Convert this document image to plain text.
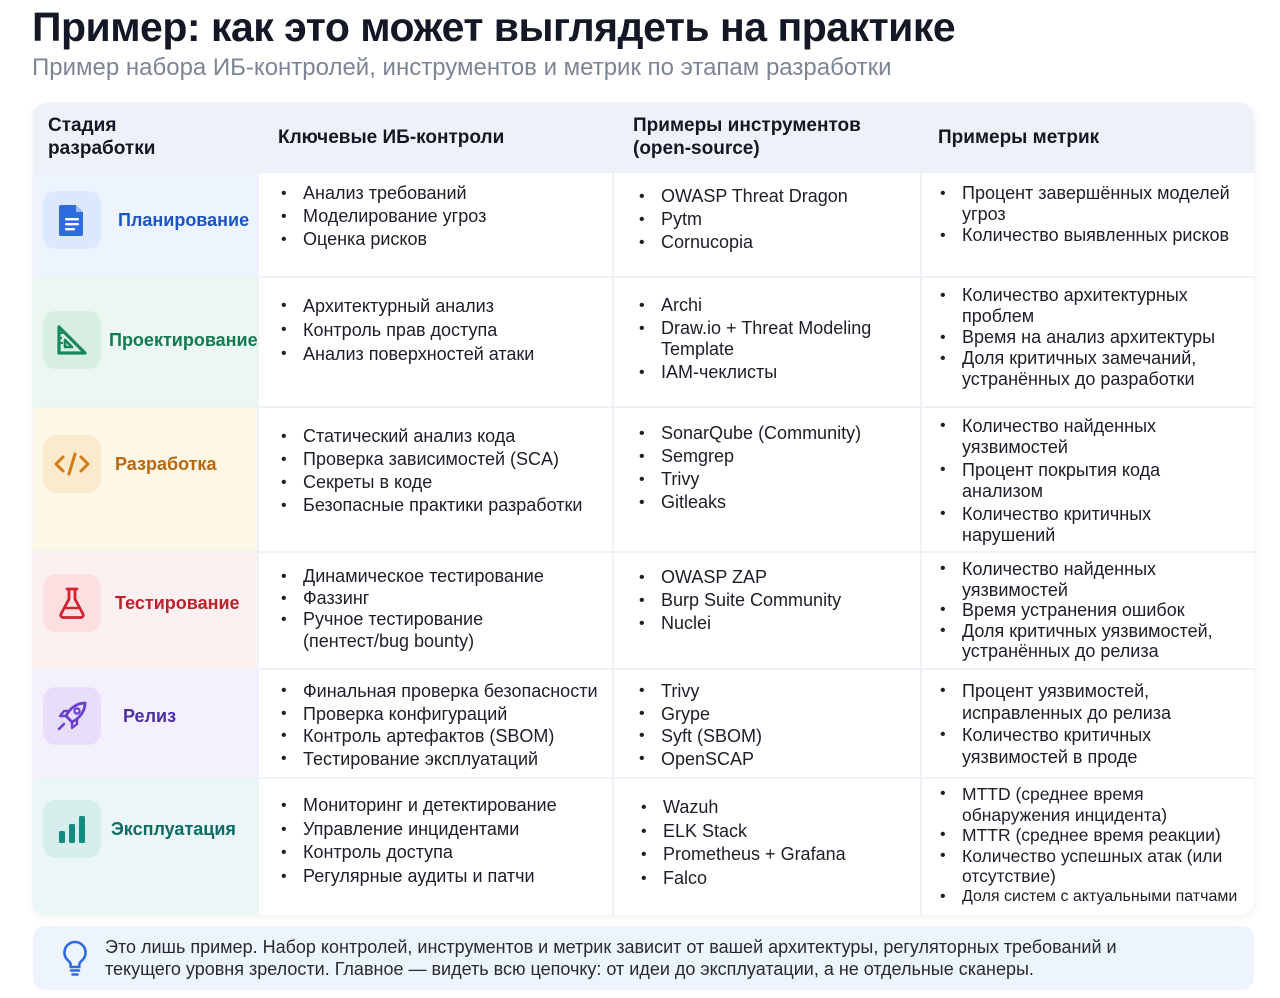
Пример: как это может выглядеть на практике
Пример набора ИБ-контролей, инструментов и метрик по этапам разработки
Стадия разработки
Ключевые ИБ-контроли
Примеры инструментов (open-source)
Примеры метрик
Планирование
• Анализ требований
• Моделирование угроз
• Оценка рисков
• OWASP Threat Dragon
• Pytm
• Cornucopia
• Процент завершённых моделей угроз
• Количество выявленных рисков
Проектирование
• Архитектурный анализ
• Контроль прав доступа
• Анализ поверхностей атаки
• Archi
• Draw.io + Threat Modeling Template
• IAM-чеклисты
• Количество архитектурных проблем
• Время на анализ архитектуры
• Доля критичных замечаний, устранённых до разработки
Разработка
• Статический анализ кода
• Проверка зависимостей (SCA)
• Секреты в коде
• Безопасные практики разработки
• SonarQube (Community)
• Semgrep
• Trivy
• Gitleaks
• Количество найденных уязвимостей
• Процент покрытия кода анализом
• Количество критичных нарушений
Тестирование
• Динамическое тестирование
• Фаззинг
• Ручное тестирование (пентест/bug bounty)
• OWASP ZAP
• Burp Suite Community
• Nuclei
• Количество найденных уязвимостей
• Время устранения ошибок
• Доля критичных уязвимостей, устранённых до релиза
Релиз
• Финальная проверка безопасности
• Проверка конфигураций
• Контроль артефактов (SBOM)
• Тестирование эксплуатаций
• Trivy
• Grype
• Syft (SBOM)
• OpenSCAP
• Процент уязвимостей, исправленных до релиза
• Количество критичных уязвимостей в проде
Эксплуатация
• Мониторинг и детектирование
• Управление инцидентами
• Контроль доступа
• Регулярные аудиты и патчи
• Wazuh
• ELK Stack
• Prometheus + Grafana
• Falco
• MTTD (среднее время обнаружения инцидента)
• MTTR (среднее время реакции)
• Количество успешных атак (или отсутствие)
• Доля систем с актуальными патчами
Это лишь пример. Набор контролей, инструментов и метрик зависит от вашей архитектуры, регуляторных требований и текущего уровня зрелости. Главное — видеть всю цепочку: от идеи до эксплуатации, а не отдельные сканеры.
